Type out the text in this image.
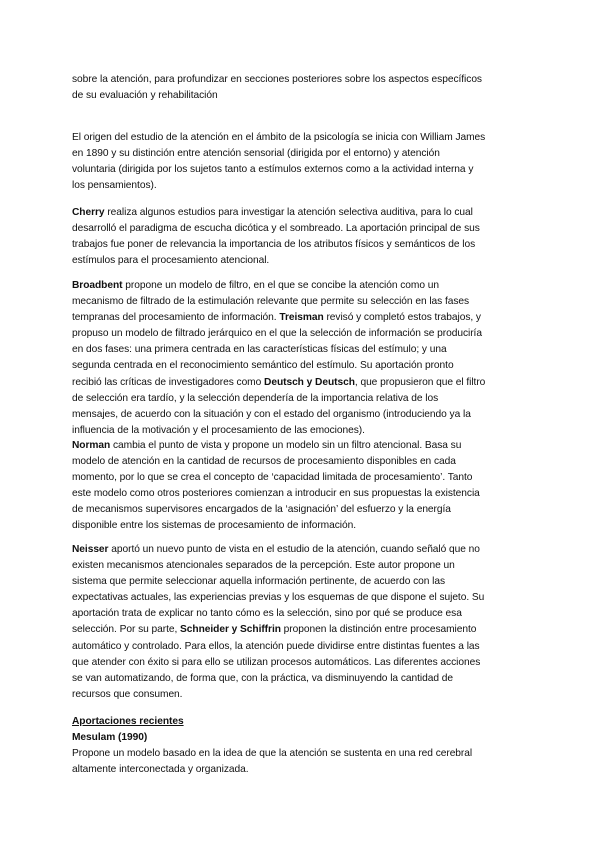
sobre la atención, para profundizar en secciones posteriores sobre los aspectos específicos

de su evaluación y rehabilitación

El origen del estudio de la atención en el ámbito de la psicología se inicia con William James

en 1890 y su distinción entre atención sensorial (dirigida por el entorno) y atención

voluntaria (dirigida por los sujetos tanto a estímulos externos como a la actividad interna y

los pensamientos).

Cherry realiza algunos estudios para investigar la atención selectiva auditiva, para lo cual

desarrolló el paradigma de escucha dicótica y el sombreado. La aportación principal de sus

trabajos fue poner de relevancia la importancia de los atributos físicos y semánticos de los

estímulos para el procesamiento atencional.

Broadbent propone un modelo de filtro, en el que se concibe la atención como un

mecanismo de filtrado de la estimulación relevante que permite su selección en las fases

tempranas del procesamiento de información. Treisman revisó y completó estos trabajos, y

propuso un modelo de filtrado jerárquico en el que la selección de información se produciría

en dos fases: una primera centrada en las características físicas del estímulo; y una

segunda centrada en el reconocimiento semántico del estímulo. Su aportación pronto

recibió las críticas de investigadores como Deutsch y Deutsch, que propusieron que el filtro

de selección era tardío, y la selección dependería de la importancia relativa de los

mensajes, de acuerdo con la situación y con el estado del organismo (introduciendo ya la

influencia de la motivación y el procesamiento de las emociones).

Norman cambia el punto de vista y propone un modelo sin un filtro atencional. Basa su

modelo de atención en la cantidad de recursos de procesamiento disponibles en cada

momento, por lo que se crea el concepto de ‘capacidad limitada de procesamiento’. Tanto

este modelo como otros posteriores comienzan a introducir en sus propuestas la existencia

de mecanismos supervisores encargados de la ‘asignación’ del esfuerzo y la energía

disponible entre los sistemas de procesamiento de información.

Neisser aportó un nuevo punto de vista en el estudio de la atención, cuando señaló que no

existen mecanismos atencionales separados de la percepción. Este autor propone un

sistema que permite seleccionar aquella información pertinente, de acuerdo con las

expectativas actuales, las experiencias previas y los esquemas de que dispone el sujeto. Su

aportación trata de explicar no tanto cómo es la selección, sino por qué se produce esa

selección. Por su parte, Schneider y Schiffrin proponen la distinción entre procesamiento

automático y controlado. Para ellos, la atención puede dividirse entre distintas fuentes a las

que atender con éxito si para ello se utilizan procesos automáticos. Las diferentes acciones

se van automatizando, de forma que, con la práctica, va disminuyendo la cantidad de

recursos que consumen.

Aportaciones recientes

Mesulam (1990)

Propone un modelo basado en la idea de que la atención se sustenta en una red cerebral

altamente interconectada y organizada.
